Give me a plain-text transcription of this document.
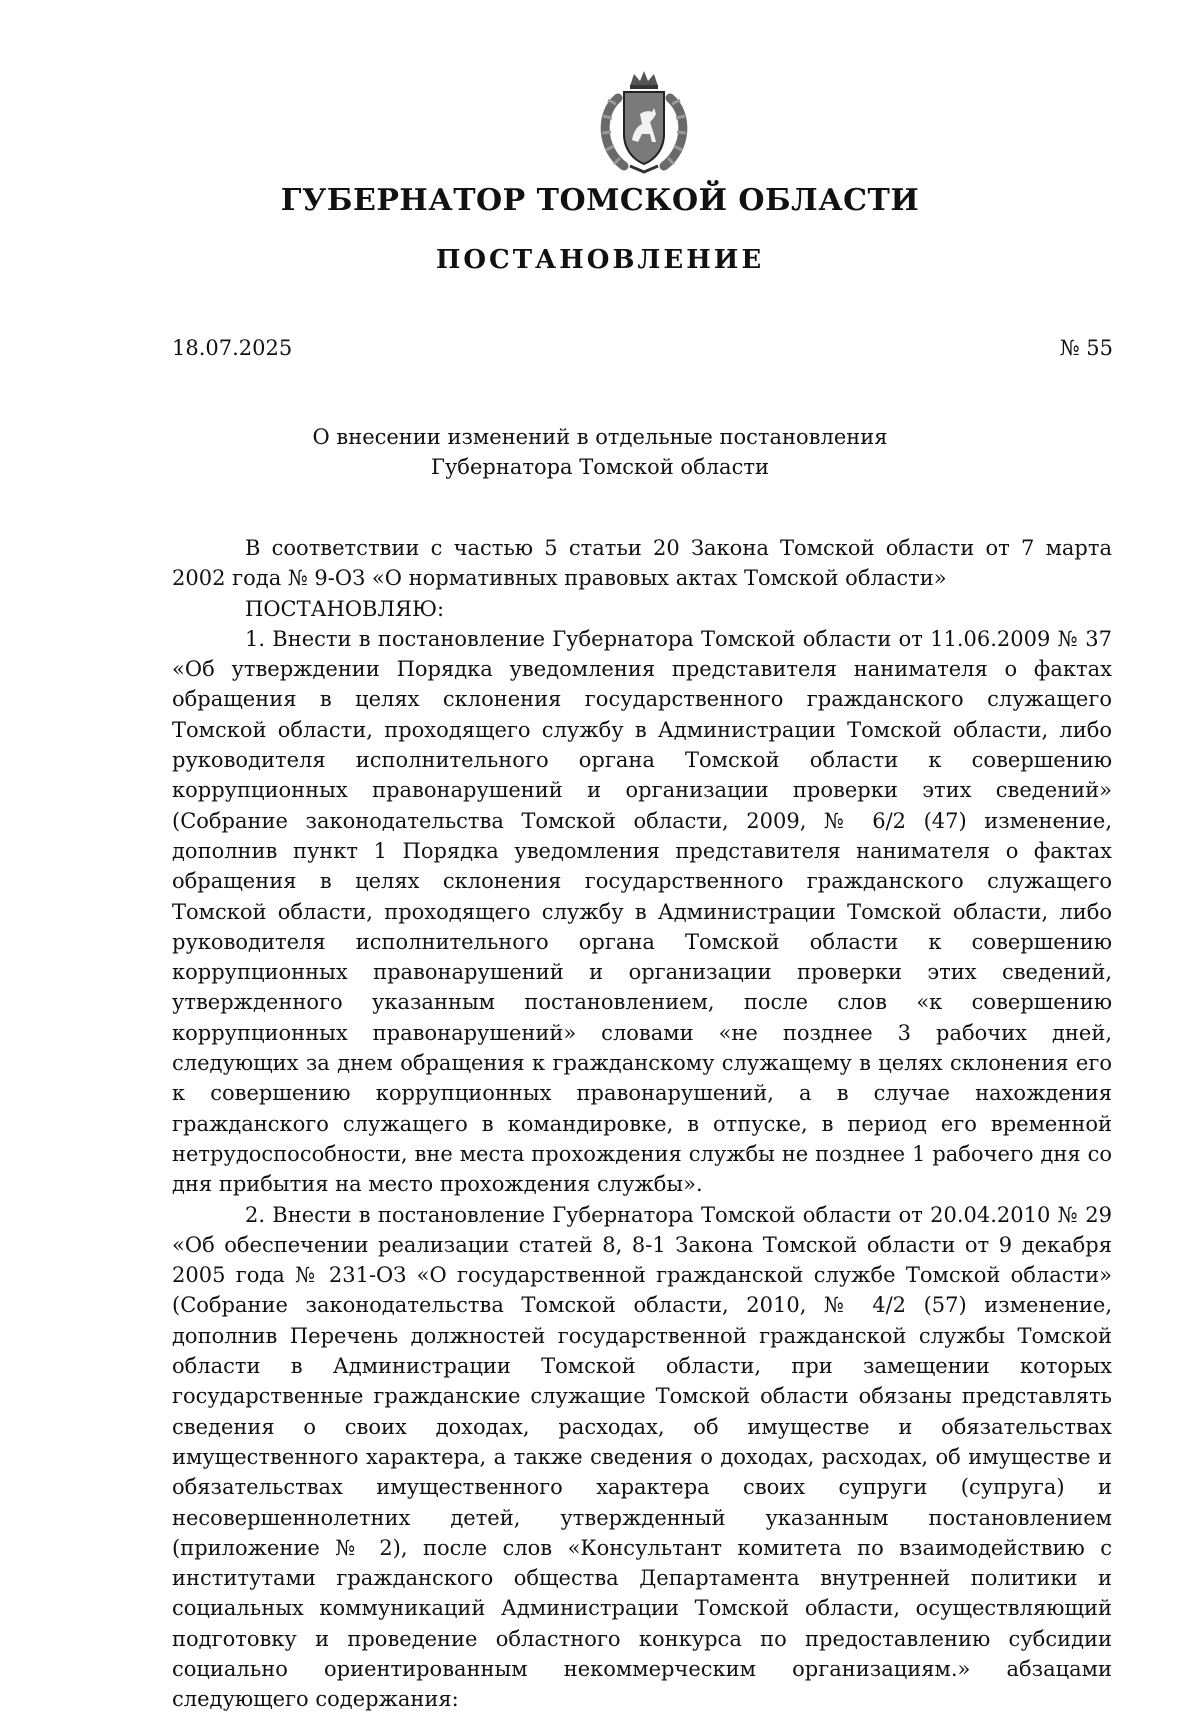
ГУБЕРНАТОР ТОМСКОЙ ОБЛАСТИ
ПОСТАНОВЛЕНИЕ
18.07.2025	№ 55
О внесении изменений в отдельные постановления
Губернатора Томской области

В соответствии с частью 5 статьи 20 Закона Томской области от 7 марта 2002 года № 9-ОЗ «О нормативных правовых актах Томской области»

ПОСТАНОВЛЯЮ:

1. Внести в постановление Губернатора Томской области от 11.06.2009 № 37 «Об утверждении Порядка уведомления представителя нанимателя о фактах обращения в целях склонения государственного гражданского служащего Томской области, проходящего службу в Администрации Томской области, либо руководителя исполнительного органа Томской области к совершению коррупционных правонарушений и организации проверки этих сведений» (Собрание законодательства Томской области, 2009, № 6/2 (47) изменение, дополнив пункт 1 Порядка уведомления представителя нанимателя о фактах обращения в целях склонения государственного гражданского служащего Томской области, проходящего службу в Администрации Томской области, либо руководителя исполнительного органа Томской области к совершению коррупционных правонарушений и организации проверки этих сведений, утвержденного указанным постановлением, после слов «к совершению коррупционных правонарушений» словами «не позднее 3 рабочих дней, следующих за днем обращения к гражданскому служащему в целях склонения его к совершению коррупционных правонарушений, а в случае нахождения гражданского служащего в командировке, в отпуске, в период его временной нетрудоспособности, вне места прохождения службы не позднее 1 рабочего дня со дня прибытия на место прохождения службы».

2. Внести в постановление Губернатора Томской области от 20.04.2010 № 29 «Об обеспечении реализации статей 8, 8-1 Закона Томской области от 9 декабря 2005 года № 231-ОЗ «О государственной гражданской службе Томской области» (Собрание законодательства Томской области, 2010, № 4/2 (57) изменение, дополнив Перечень должностей государственной гражданской службы Томской области в Администрации Томской области, при замещении которых государственные гражданские служащие Томской области обязаны представлять сведения о своих доходах, расходах, об имуществе и обязательствах имущественного характера, а также сведения о доходах, расходах, об имуществе и обязательствах имущественного характера своих супруги (супруга) и несовершеннолетних детей, утвержденный указанным постановлением (приложение № 2), после слов «Консультант комитета по взаимодействию с институтами гражданского общества Департамента внутренней политики и социальных коммуникаций Администрации Томской области, осуществляющий подготовку и проведение областного конкурса по предоставлению субсидии социально ориентированным некоммерческим организациям.» абзацами следующего содержания:
